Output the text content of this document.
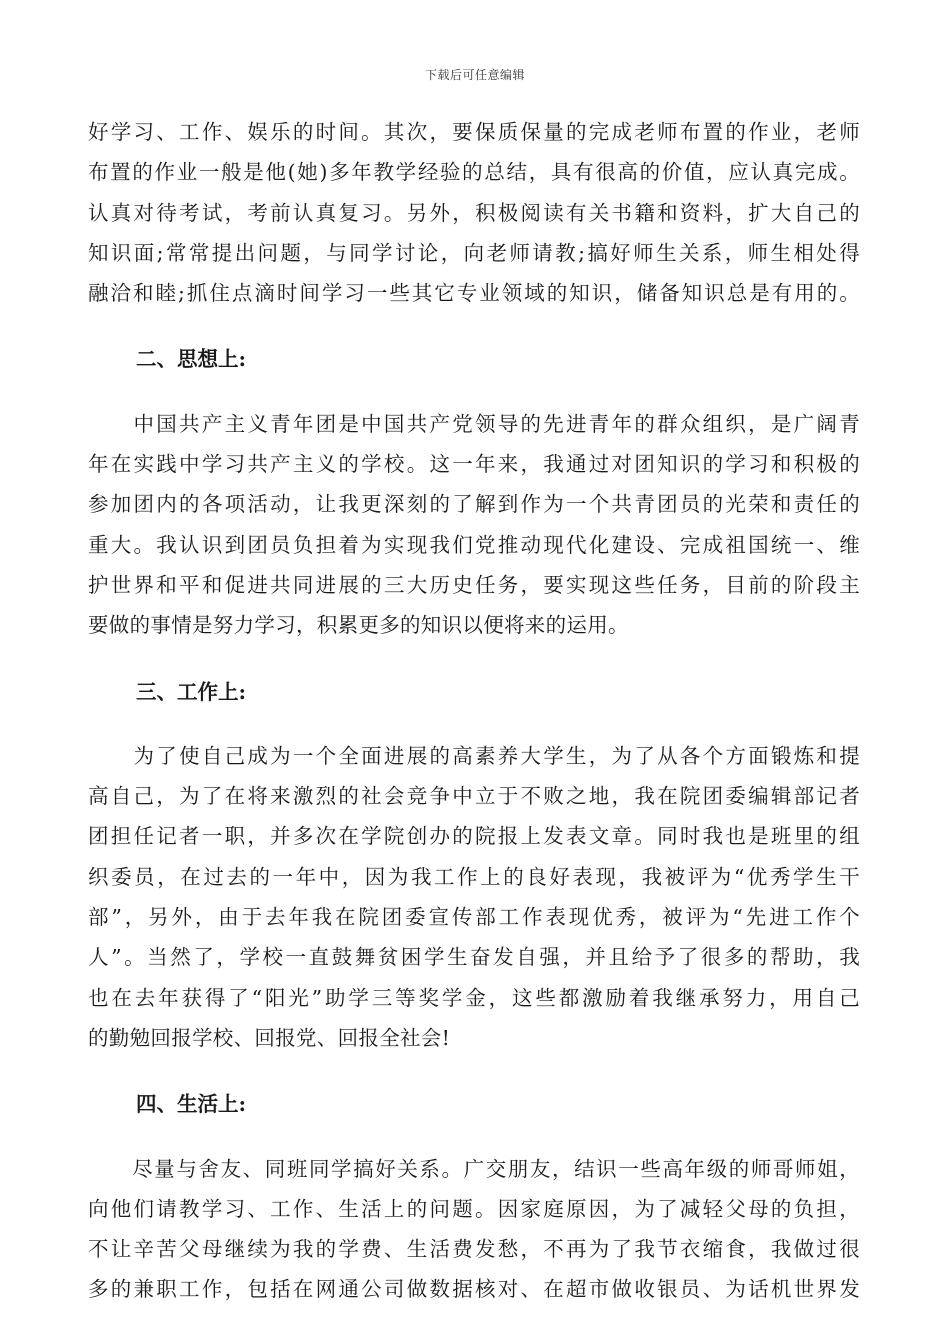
下载后可任意编辑
好学习、工作、娱乐的时间。其次，要保质保量的完成老师布置的作业，老师
布置的作业一般是他(她)多年教学经验的总结，具有很高的价值，应认真完成。
认真对待考试，考前认真复习。另外，积极阅读有关书籍和资料，扩大自己的
知识面;常常提出问题，与同学讨论，向老师请教;搞好师生关系，师生相处得
融洽和睦;抓住点滴时间学习一些其它专业领域的知识，储备知识总是有用的。
二、思想上:
　　中国共产主义青年团是中国共产党领导的先进青年的群众组织，是广阔青
年在实践中学习共产主义的学校。这一年来，我通过对团知识的学习和积极的
参加团内的各项活动，让我更深刻的了解到作为一个共青团员的光荣和责任的
重大。我认识到团员负担着为实现我们党推动现代化建设、完成祖国统一、维
护世界和平和促进共同进展的三大历史任务，要实现这些任务，目前的阶段主
要做的事情是努力学习，积累更多的知识以便将来的运用。
三、工作上:
　　为了使自己成为一个全面进展的高素养大学生，为了从各个方面锻炼和提
高自己，为了在将来激烈的社会竞争中立于不败之地，我在院团委编辑部记者
团担任记者一职，并多次在学院创办的院报上发表文章。同时我也是班里的组
织委员，在过去的一年中，因为我工作上的良好表现，我被评为“优秀学生干
部”，另外，由于去年我在院团委宣传部工作表现优秀，被评为“先进工作个
人”。当然了，学校一直鼓舞贫困学生奋发自强，并且给予了很多的帮助，我
也在去年获得了“阳光”助学三等奖学金，这些都激励着我继承努力，用自己
的勤勉回报学校、回报党、回报全社会!
四、生活上:
　　尽量与舍友、同班同学搞好关系。广交朋友，结识一些高年级的师哥师姐，
向他们请教学习、工作、生活上的问题。因家庭原因，为了减轻父母的负担，
不让辛苦父母继续为我的学费、生活费发愁，不再为了我节衣缩食，我做过很
多的兼职工作，包括在网通公司做数据核对、在超市做收银员、为话机世界发
